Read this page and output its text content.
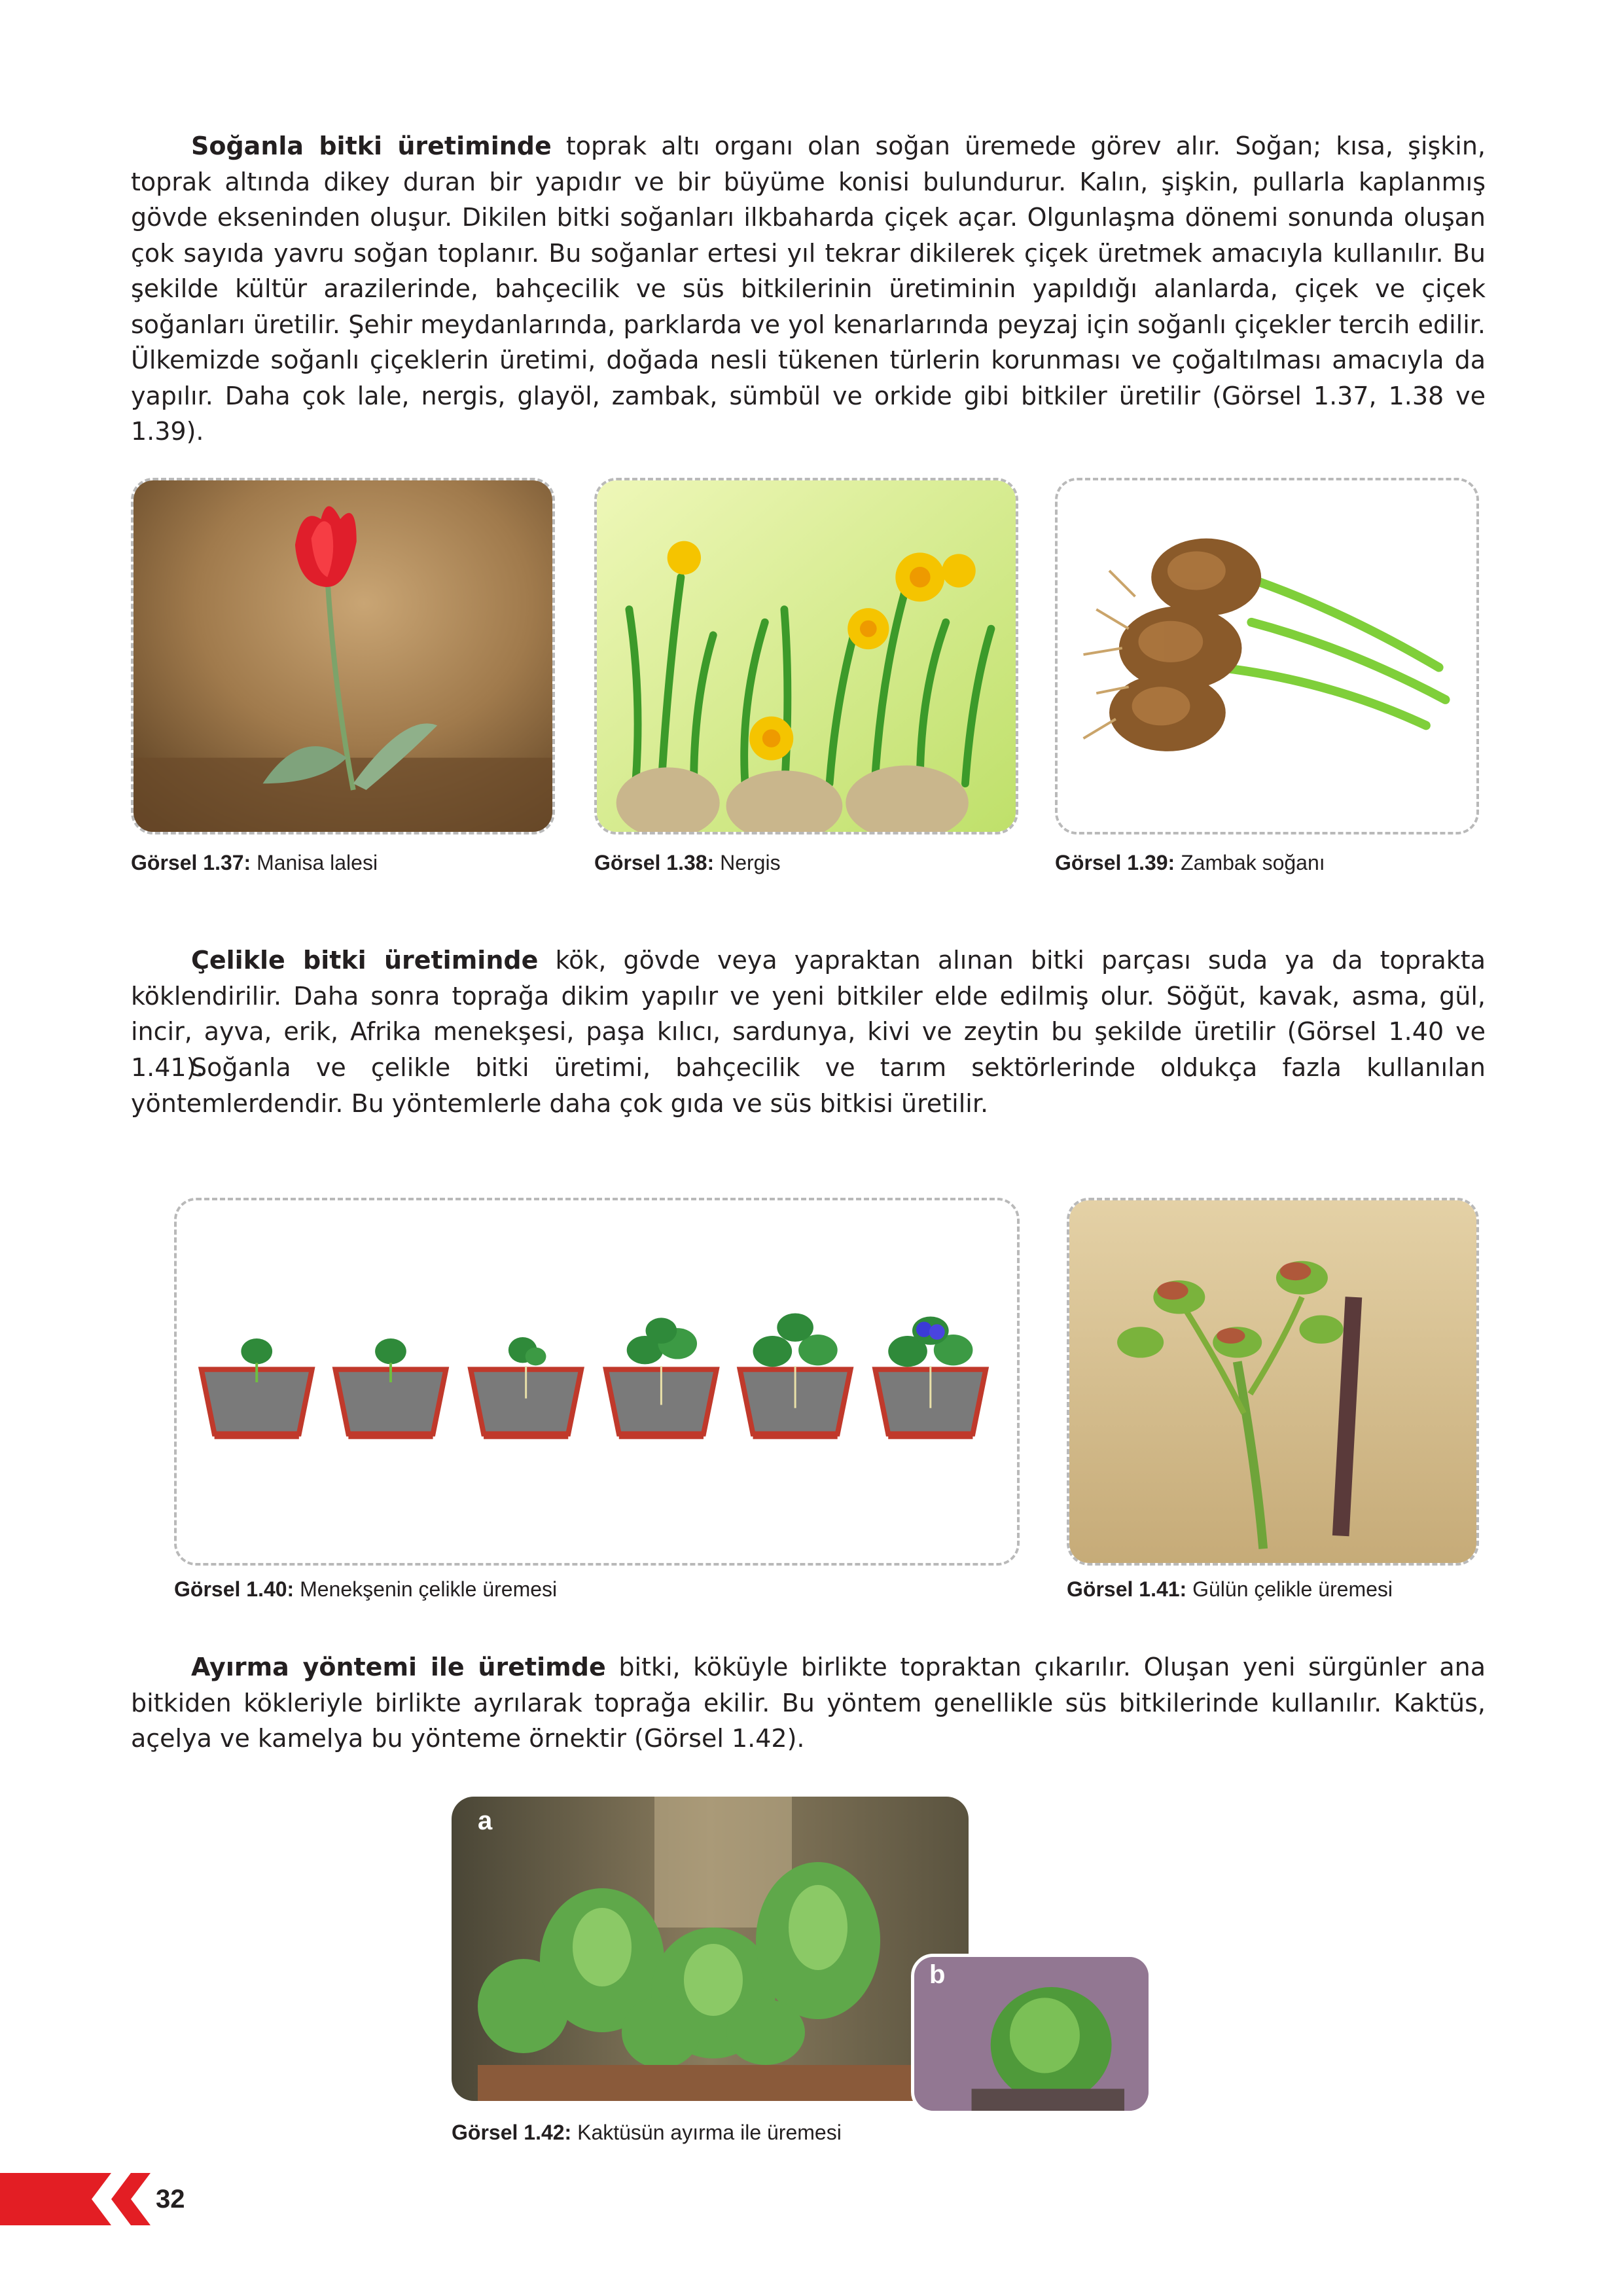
Soğanla bitki üretiminde toprak altı organı olan soğan üremede görev alır. Soğan; kısa, şişkin, toprak altında dikey duran bir yapıdır ve bir büyüme konisi bulundurur. Kalın, şişkin, pullarla kaplanmış gövde ekseninden oluşur. Dikilen bitki soğanları ilkbaharda çiçek açar. Olgunlaşma dönemi sonunda oluşan çok sayıda yavru soğan toplanır. Bu soğanlar ertesi yıl tekrar dikilerek çiçek üretmek amacıyla kullanılır. Bu şekilde kültür arazilerinde, bahçecilik ve süs bitkilerinin üretiminin yapıldığı alanlarda, çiçek ve çiçek soğanları üretilir. Şehir meydanlarında, parklarda ve yol kenarlarında peyzaj için soğanlı çiçekler tercih edilir. Ülkemizde soğanlı çiçeklerin üretimi, doğada nesli tükenen türlerin korunması ve çoğaltılması amacıyla da yapılır. Daha çok lale, nergis, glayöl, zambak, sümbül ve orkide gibi bitkiler üretilir (Görsel 1.37, 1.38 ve 1.39).

Görsel 1.37: Manisa lalesi	Görsel 1.38: Nergis	Görsel 1.39: Zambak soğanı

Çelikle bitki üretiminde kök, gövde veya yapraktan alınan bitki parçası suda ya da toprakta köklendirilir. Daha sonra toprağa dikim yapılır ve yeni bitkiler elde edilmiş olur. Söğüt, kavak, asma, gül, incir, ayva, erik, Afrika menekşesi, paşa kılıcı, sardunya, kivi ve zeytin bu şekilde üretilir (Görsel 1.40 ve 1.41).

Soğanla ve çelikle bitki üretimi, bahçecilik ve tarım sektörlerinde oldukça fazla kullanılan yöntemlerdendir. Bu yöntemlerle daha çok gıda ve süs bitkisi üretilir.

Görsel 1.40: Menekşenin çelikle üremesi	Görsel 1.41: Gülün çelikle üremesi

Ayırma yöntemi ile üretimde bitki, köküyle birlikte topraktan çıkarılır. Oluşan yeni sürgünler ana bitkiden kökleriyle birlikte ayrılarak toprağa ekilir. Bu yöntem genellikle süs bitkilerinde kullanılır. Kaktüs, açelya ve kamelya bu yönteme örnektir (Görsel 1.42).

a
b
Görsel 1.42: Kaktüsün ayırma ile üremesi
32
